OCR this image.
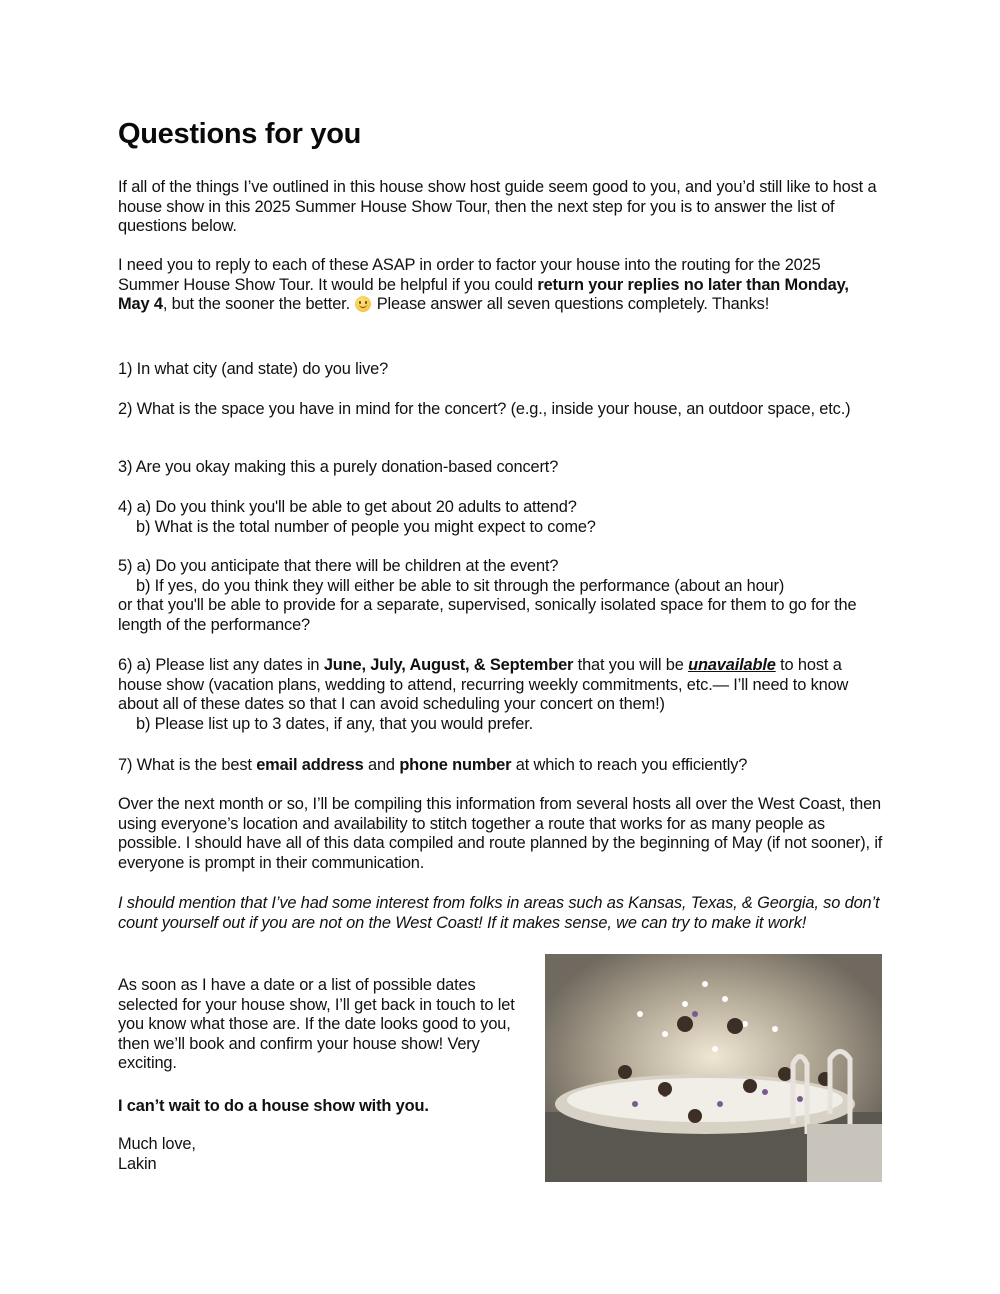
Questions for you

If all of the things I’ve outlined in this house show host guide seem good to you, and you’d still like to host a house show in this 2025 Summer House Show Tour, then the next step for you is to answer the list of questions below.

I need you to reply to each of these ASAP in order to factor your house into the routing for the 2025 Summer House Show Tour. It would be helpful if you could return your replies no later than Monday, May 4, but the sooner the better.  Please answer all seven questions completely. Thanks!

1) In what city (and state) do you live?

2) What is the space you have in mind for the concert? (e.g., inside your house, an outdoor space, etc.)

3) Are you okay making this a purely donation-based concert?

4) a) Do you think you'll be able to get about 20 adults to attend?
b) What is the total number of people you might expect to come?
5) a) Do you anticipate that there will be children at the event?
b) If yes, do you think they will either be able to sit through the performance (about an hour)
or that you'll be able to provide for a separate, supervised, sonically isolated space for them to go for the length of the performance?
6) a) Please list any dates in June, July, August, & September that you will be unavailable to host a house show (vacation plans, wedding to attend, recurring weekly commitments, etc.— I’ll need to know about all of these dates so that I can avoid scheduling your concert on them!)
b) Please list up to 3 dates, if any, that you would prefer.

7) What is the best email address and phone number at which to reach you efficiently?

Over the next month or so, I’ll be compiling this information from several hosts all over the West Coast, then using everyone’s location and availability to stitch together a route that works for as many people as possible. I should have all of this data compiled and route planned by the beginning of May (if not sooner), if everyone is prompt in their communication.

I should mention that I’ve had some interest from folks in areas such as Kansas, Texas, & Georgia, so don’t count yourself out if you are not on the West Coast! If it makes sense, we can try to make it work!

As soon as I have a date or a list of possible dates selected for your house show, I’ll get back in touch to let you know what those are. If the date looks good to you, then we’ll book and confirm your house show! Very exciting.

I can’t wait to do a house show with you.

Much love,
Lakin
